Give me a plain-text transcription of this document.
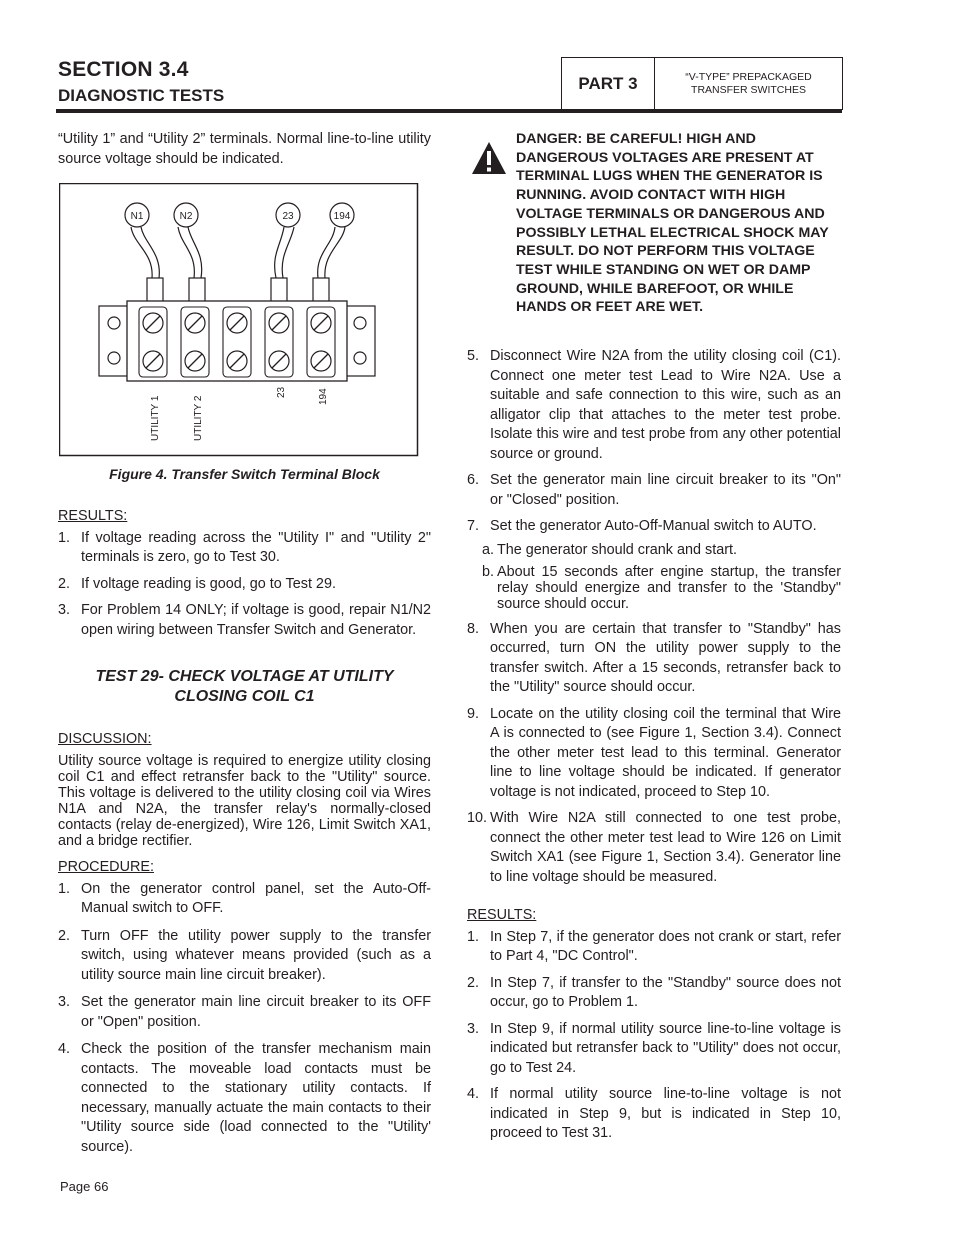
SECTION 3.4
DIAGNOSTIC TESTS
PART 3	“V-TYPE” PREPACKAGED
TRANSFER SWITCHES

“Utility 1” and “Utility 2” terminals. Normal line-to-line utility source voltage should be indicated.

N1	N2	23	194
UTILITY 1	UTILITY 2
23	194
Figure 4. Transfer Switch Terminal Block
RESULTS:
1. If voltage reading across the "Utility I" and "Utility 2" terminals is zero, go to Test 30.
2. If voltage reading is good, go to Test 29.
3. For Problem 14 ONLY; if voltage is good, repair N1/N2 open wiring between Transfer Switch and Generator.
TEST 29- CHECK VOLTAGE AT UTILITY
CLOSING COIL C1
DISCUSSION:

Utility source voltage is required to energize utility closing coil C1 and effect retransfer back to the "Utility" source. This voltage is delivered to the utility closing coil via Wires N1A and N2A, the transfer relay's normally-closed contacts (relay de-energized), Wire 126, Limit Switch XA1, and a bridge rectifier.

PROCEDURE:
1. On the generator control panel, set the Auto-Off-Manual switch to OFF.
2. Turn OFF the utility power supply to the transfer switch, using whatever means provided (such as a utility source main line circuit breaker).
3. Set the generator main line circuit breaker to its OFF or "Open" position.
4. Check the position of the transfer mechanism main contacts. The moveable load contacts must be connected to the stationary utility contacts. If necessary, manually actuate the main contacts to their "Utility source side (load connected to the "Utility' source).
DANGER: BE CAREFUL! HIGH AND DANGEROUS VOLTAGES ARE PRESENT AT TERMINAL LUGS WHEN THE GENERATOR IS RUNNING. AVOID CONTACT WITH HIGH VOLTAGE TERMINALS OR DANGEROUS AND POSSIBLY LETHAL ELECTRICAL SHOCK MAY RESULT. DO NOT PERFORM THIS VOLTAGE TEST WHILE STANDING ON WET OR DAMP GROUND, WHILE BAREFOOT, OR WHILE HANDS OR FEET ARE WET.
5. Disconnect Wire N2A from the utility closing coil (C1). Connect one meter test Lead to Wire N2A. Use a suitable and safe connection to this wire, such as an alligator clip that attaches to the meter test probe. Isolate this wire and test probe from any other potential source or ground.
6. Set the generator main line circuit breaker to its "On" or "Closed" position.
7. Set the generator Auto-Off-Manual switch to AUTO.
a. The generator should crank and start.
b. About 15 seconds after engine startup, the transfer relay should energize and transfer to the 'Standby" source should occur.
8. When you are certain that transfer to "Standby" has occurred, turn ON the utility power supply to the transfer switch. After a 15 seconds, retransfer back to the "Utility" source should occur.
9. Locate on the utility closing coil the terminal that Wire A is connected to (see Figure 1, Section 3.4). Connect the other meter test lead to this terminal. Generator line to line voltage should be indicated. If generator voltage is not indicated, proceed to Step 10.
10. With Wire N2A still connected to one test probe, connect the other meter test lead to Wire 126 on Limit Switch XA1 (see Figure 1, Section 3.4). Generator line to line voltage should be measured.
RESULTS:
1. In Step 7, if the generator does not crank or start, refer to Part 4, "DC Control".
2. In Step 7, if transfer to the "Standby" source does not occur, go to Problem 1.
3. In Step 9, if normal utility source line-to-line voltage is indicated but retransfer back to "Utility" does not occur, go to Test 24.
4. If normal utility source line-to-line voltage is not indicated in Step 9, but is indicated in Step 10, proceed to Test 31.
Page 66
